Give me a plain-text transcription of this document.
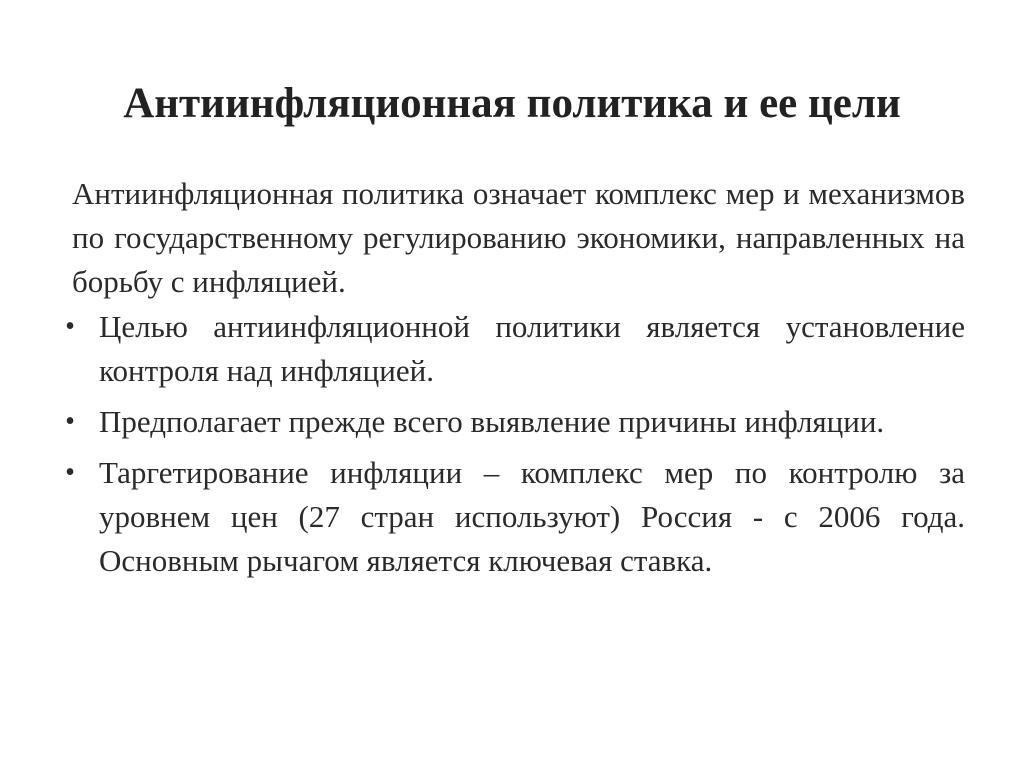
Антиинфляционная политика и ее цели

Антиинфляционная политика означает комплекс мер и механизмов по государственному регулированию экономики, направленных на борьбу с инфляцией.

• Целью антиинфляционной политики является установление контроля над инфляцией.
• Предполагает прежде всего выявление причины инфляции.
• Таргетирование инфляции – комплекс мер по контролю за уровнем цен (27 стран используют) Россия - с 2006 года. Основным рычагом является ключевая ставка.
